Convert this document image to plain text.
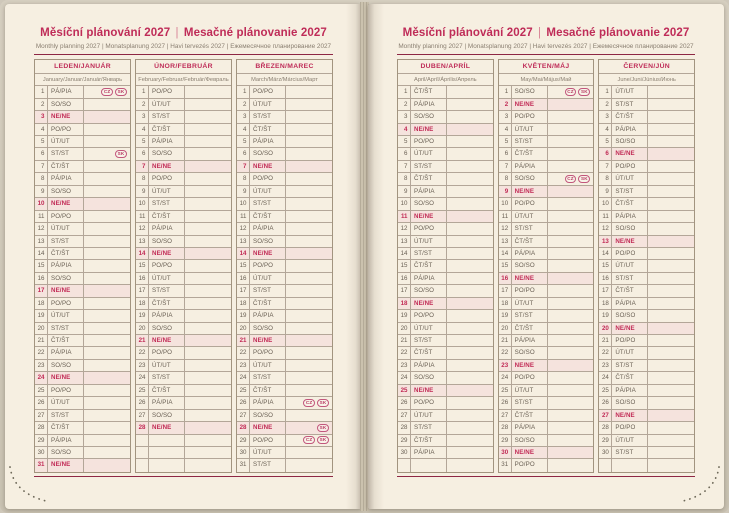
Měsíční plánování 2027 | Mesačné plánovanie 2027
Monthly planning 2027 | Monatsplanung 2027 | Havi tervezés 2027 | Ежемесячное планирование 2027
LEDEN/JANUÁR
January/Januar/Január/Январь
1	PÁ/PIA	CZ	SK
2	SO/SO
3	NE/NE
4	PO/PO
5	ÚT/UT
6	ST/ST	SK
7	ČT/ŠT
8	PÁ/PIA
9	SO/SO
10	NE/NE
11	PO/PO
12	ÚT/UT
13	ST/ST
14	ČT/ŠT
15	PÁ/PIA
16	SO/SO
17	NE/NE
18	PO/PO
19	ÚT/UT
20	ST/ST
21	ČT/ŠT
22	PÁ/PIA
23	SO/SO
24	NE/NE
25	PO/PO
26	ÚT/UT
27	ST/ST
28	ČT/ŠT
29	PÁ/PIA
30	SO/SO
31	NE/NE
ÚNOR/FEBRUÁR
February/Februar/Február/Февраль
1	PO/PO
2	ÚT/UT
3	ST/ST
4	ČT/ŠT
5	PÁ/PIA
6	SO/SO
7	NE/NE
8	PO/PO
9	ÚT/UT
10	ST/ST
11	ČT/ŠT
12	PÁ/PIA
13	SO/SO
14	NE/NE
15	PO/PO
16	ÚT/UT
17	ST/ST
18	ČT/ŠT
19	PÁ/PIA
20	SO/SO
21	NE/NE
22	PO/PO
23	ÚT/UT
24	ST/ST
25	ČT/ŠT
26	PÁ/PIA
27	SO/SO
28	NE/NE
BŘEZEN/MAREC
March/März/Március/Март
1	PO/PO
2	ÚT/UT
3	ST/ST
4	ČT/ŠT
5	PÁ/PIA
6	SO/SO
7	NE/NE
8	PO/PO
9	ÚT/UT
10	ST/ST
11	ČT/ŠT
12	PÁ/PIA
13	SO/SO
14	NE/NE
15	PO/PO
16	ÚT/UT
17	ST/ST
18	ČT/ŠT
19	PÁ/PIA
20	SO/SO
21	NE/NE
22	PO/PO
23	ÚT/UT
24	ST/ST
25	ČT/ŠT
26	PÁ/PIA	CZ	SK
27	SO/SO
28	NE/NE	SK
29	PO/PO	CZ	SK
30	ÚT/UT
31	ST/ST
Měsíční plánování 2027 | Mesačné plánovanie 2027
Monthly planning 2027 | Monatsplanung 2027 | Havi tervezés 2027 | Ежемесячное планирование 2027
DUBEN/APRÍL
April/Apríl/Április/Апрель
1	ČT/ŠT
2	PÁ/PIA
3	SO/SO
4	NE/NE
5	PO/PO
6	ÚT/UT
7	ST/ST
8	ČT/ŠT
9	PÁ/PIA
10	SO/SO
11	NE/NE
12	PO/PO
13	ÚT/UT
14	ST/ST
15	ČT/ŠT
16	PÁ/PIA
17	SO/SO
18	NE/NE
19	PO/PO
20	ÚT/UT
21	ST/ST
22	ČT/ŠT
23	PÁ/PIA
24	SO/SO
25	NE/NE
26	PO/PO
27	ÚT/UT
28	ST/ST
29	ČT/ŠT
30	PÁ/PIA
KVĚTEN/MÁJ
May/Mai/Május/Май
1	SO/SO	CZ	SK
2	NE/NE
3	PO/PO
4	ÚT/UT
5	ST/ST
6	ČT/ŠT
7	PÁ/PIA
8	SO/SO	CZ	SK
9	NE/NE
10	PO/PO
11	ÚT/UT
12	ST/ST
13	ČT/ŠT
14	PÁ/PIA
15	SO/SO
16	NE/NE
17	PO/PO
18	ÚT/UT
19	ST/ST
20	ČT/ŠT
21	PÁ/PIA
22	SO/SO
23	NE/NE
24	PO/PO
25	ÚT/UT
26	ST/ST
27	ČT/ŠT
28	PÁ/PIA
29	SO/SO
30	NE/NE
31	PO/PO
ČERVEN/JÚN
June/Juni/Június/Июнь
1	ÚT/UT
2	ST/ST
3	ČT/ŠT
4	PÁ/PIA
5	SO/SO
6	NE/NE
7	PO/PO
8	ÚT/UT
9	ST/ST
10	ČT/ŠT
11	PÁ/PIA
12	SO/SO
13	NE/NE
14	PO/PO
15	ÚT/UT
16	ST/ST
17	ČT/ŠT
18	PÁ/PIA
19	SO/SO
20	NE/NE
21	PO/PO
22	ÚT/UT
23	ST/ST
24	ČT/ŠT
25	PÁ/PIA
26	SO/SO
27	NE/NE
28	PO/PO
29	ÚT/UT
30	ST/ST
